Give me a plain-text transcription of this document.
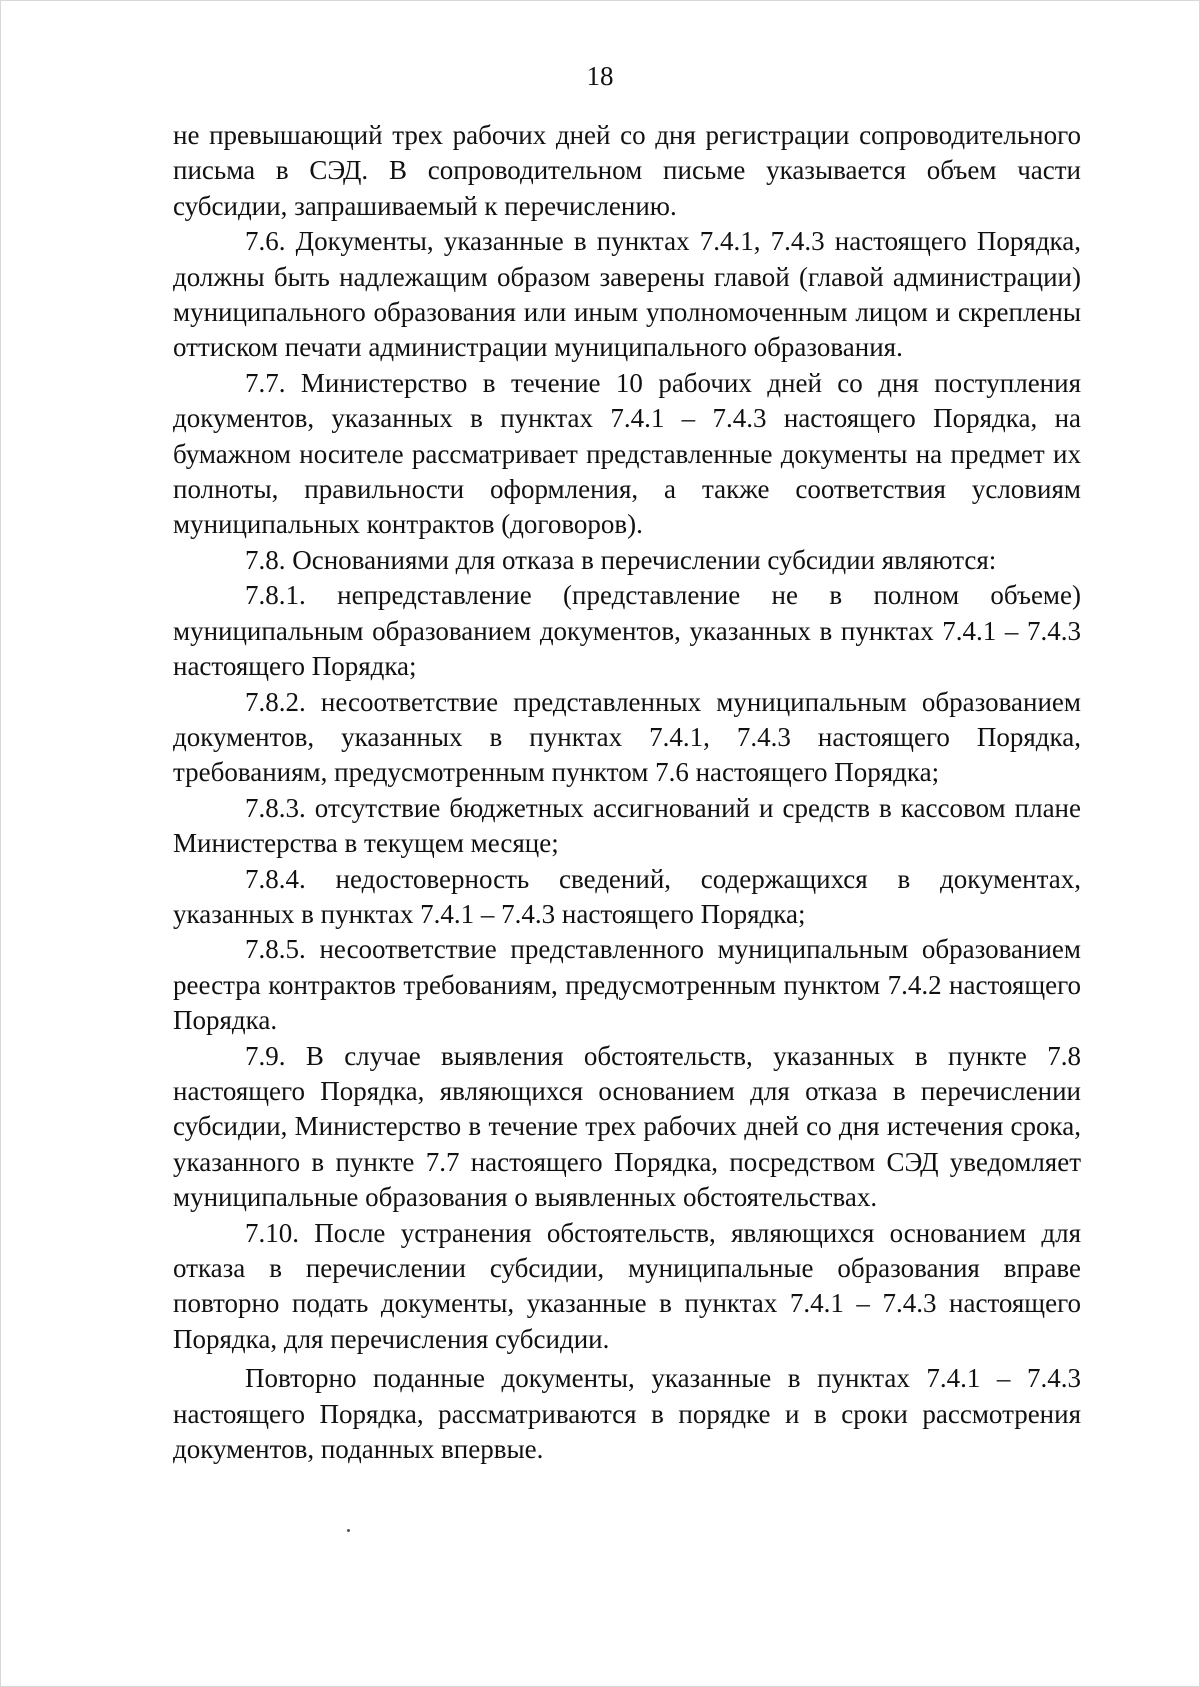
18

не превышающий трех рабочих дней со дня регистрации сопроводительного письма в СЭД. В сопроводительном письме указывается объем части субсидии, запрашиваемый к перечислению.

7.6. Документы, указанные в пунктах 7.4.1, 7.4.3 настоящего Порядка, должны быть надлежащим образом заверены главой (главой администрации) муниципального образования или иным уполномоченным лицом и скреплены оттиском печати администрации муниципального образования.

7.7. Министерство в течение 10 рабочих дней со дня поступления документов, указанных в пунктах 7.4.1 – 7.4.3 настоящего Порядка, на бумажном носителе рассматривает представленные документы на предмет их полноты, правильности оформления, а также соответствия условиям муниципальных контрактов (договоров).

7.8. Основаниями для отказа в перечислении субсидии являются:

7.8.1. непредставление (представление не в полном объеме) муниципальным образованием документов, указанных в пунктах 7.4.1 – 7.4.3 настоящего Порядка;

7.8.2. несоответствие представленных муниципальным образованием документов, указанных в пунктах 7.4.1, 7.4.3 настоящего Порядка, требованиям, предусмотренным пунктом 7.6 настоящего Порядка;

7.8.3. отсутствие бюджетных ассигнований и средств в кассовом плане Министерства в текущем месяце;

7.8.4. недостоверность сведений, содержащихся в документах, указанных в пунктах 7.4.1 – 7.4.3 настоящего Порядка;

7.8.5. несоответствие представленного муниципальным образованием реестра контрактов требованиям, предусмотренным пунктом 7.4.2 настоящего Порядка.

7.9. В случае выявления обстоятельств, указанных в пункте 7.8 настоящего Порядка, являющихся основанием для отказа в перечислении субсидии, Министерство в течение трех рабочих дней со дня истечения срока, указанного в пункте 7.7 настоящего Порядка, посредством СЭД уведомляет муниципальные образования о выявленных обстоятельствах.

7.10. После устранения обстоятельств, являющихся основанием для отказа в перечислении субсидии, муниципальные образования вправе повторно подать документы, указанные в пунктах 7.4.1 – 7.4.3 настоящего Порядка, для перечисления субсидии.

Повторно поданные документы, указанные в пунктах 7.4.1 – 7.4.3 настоящего Порядка, рассматриваются в порядке и в сроки рассмотрения документов, поданных впервые.
